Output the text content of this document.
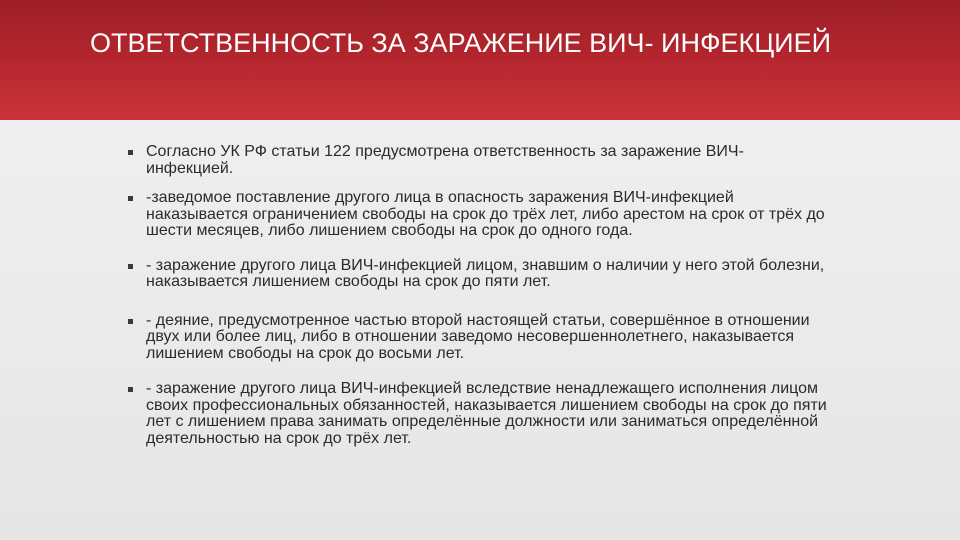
ОТВЕТСТВЕННОСТЬ ЗА ЗАРАЖЕНИЕ ВИЧ- ИНФЕКЦИЕЙ
Согласно УК РФ статьи 122 предусмотрена ответственность за заражение ВИЧ-инфекцией.
-заведомое поставление другого лица в опасность заражения ВИЧ-инфекцией наказывается ограничением свободы на срок до трёх лет, либо арестом на срок от трёх до шести месяцев, либо лишением свободы на срок до одного года.
- заражение другого лица ВИЧ-инфекцией лицом, знавшим о наличии у него этой болезни, наказывается лишением свободы на срок до пяти лет.
- деяние, предусмотренное частью второй настоящей статьи, совершённое в отношении двух или более лиц, либо в отношении заведомо несовершеннолетнего, наказывается лишением свободы на срок до восьми лет.
- заражение другого лица ВИЧ-инфекцией вследствие ненадлежащего исполнения лицом своих профессиональных обязанностей, наказывается лишением свободы на срок до пяти лет с лишением права занимать определённые должности или заниматься определённой деятельностью на срок до трёх лет.
